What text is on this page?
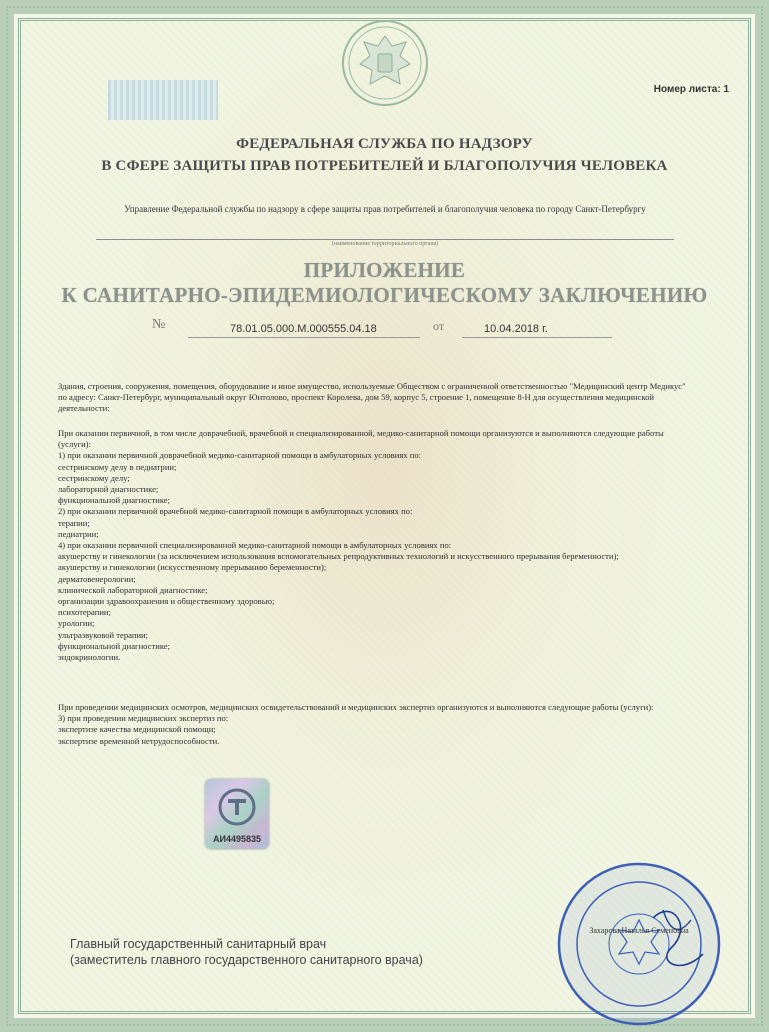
Номер листа: 1
ФЕДЕРАЛЬНАЯ СЛУЖБА ПО НАДЗОРУ
В СФЕРЕ ЗАЩИТЫ ПРАВ ПОТРЕБИТЕЛЕЙ И БЛАГОПОЛУЧИЯ ЧЕЛОВЕКА
Управление Федеральной службы по надзору в сфере защиты прав потребителей и благополучия человека по городу Санкт-Петербургу
(наименование территориального органа)
ПРИЛОЖЕНИЕ
К САНИТАРНО-ЭПИДЕМИОЛОГИЧЕСКОМУ ЗАКЛЮЧЕНИЮ
№	78.01.05.000.М.000555.04.18	от	10.04.2018 г.

Здания, строения, сооружения, помещения, оборудование и иное имущество, используемые Обществом с ограниченной ответственностью "Медицинский центр Медикус" по адресу: Санкт-Петербург, муниципальный округ Юнтолово, проспект Королева, дом 59, корпус 5, строение 1, помещение 8-Н для осуществления медицинской деятельности:

При оказании первичной, в том числе доврачебной, врачебной и специализированной, медико-санитарной помощи организуются и выполняются следующие работы (услуги):

1) при оказании первичной доврачебной медико-санитарной помощи в амбулаторных условиях по:

сестринскому делу в педиатрии;

сестринскому делу;

лабораторной диагностике;

функциональной диагностике;

2) при оказании первичной врачебной медико-санитарной помощи в амбулаторных условиях по:

терапии;

педиатрии;

4) при оказании первичной специализированной медико-санитарной помощи в амбулаторных условиях по:

акушерству и гинекологии (за исключением использования вспомогательных репродуктивных технологий и искусственного прерывания беременности);

акушерству и гинекологии (искусственному прерыванию беременности);

дерматовенерологии;

клинической лабораторной диагностике;

организации здравоохранения и общественному здоровью;

психотерапии;

урологии;

ультразвуковой терапии;

функциональной диагностике;

эндокринологии.

При проведении медицинских осмотров, медицинских освидетельствований и медицинских экспертиз организуются и выполняются следующие работы (услуги):

3) при проведении медицинских экспертиз по:

экспертизе качества медицинской помощи;

экспертизе временной нетрудоспособности.

АИ4495835
Главный государственный санитарный врач
(заместитель главного государственного санитарного врача)
Захарова Наталья Семеновна
